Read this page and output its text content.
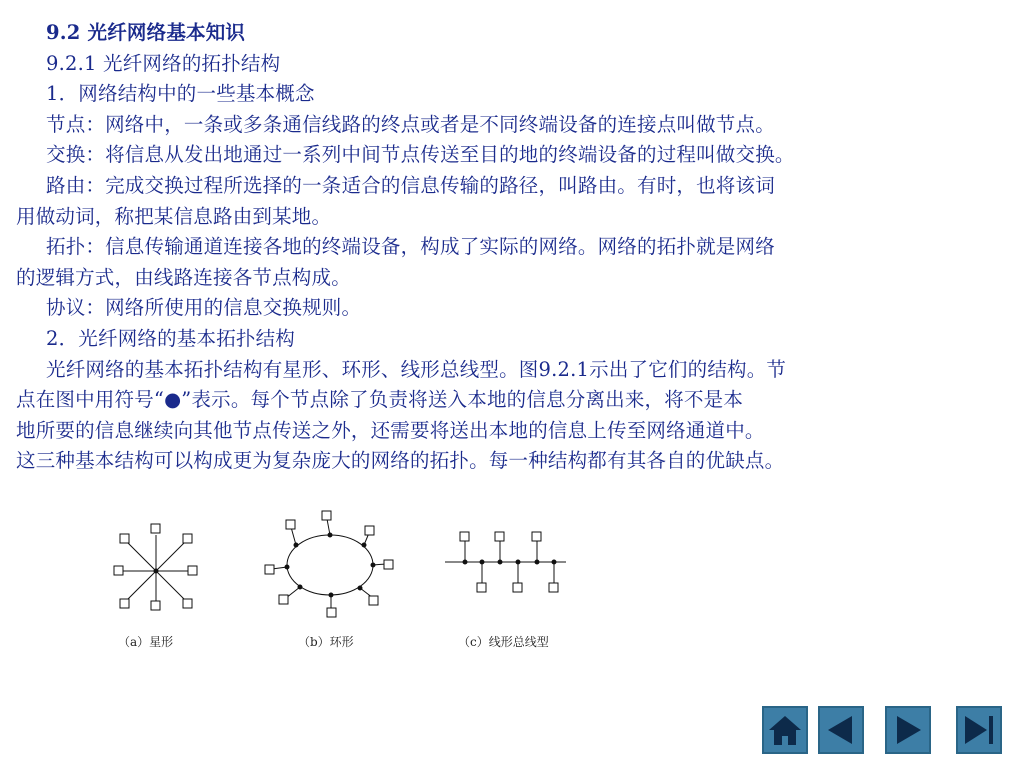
9.2 光纤网络基本知识
9.2.1 光纤网络的拓扑结构
1．网络结构中的一些基本概念
节点：网络中，一条或多条通信线路的终点或者是不同终端设备的连接点叫做节点。
交换：将信息从发出地通过一系列中间节点传送至目的地的终端设备的过程叫做交换。
路由：完成交换过程所选择的一条适合的信息传输的路径，叫路由。有时，也将该词
用做动词，称把某信息路由到某地。
拓扑：信息传输通道连接各地的终端设备，构成了实际的网络。网络的拓扑就是网络
的逻辑方式，由线路连接各节点构成。
协议：网络所使用的信息交换规则。
2．光纤网络的基本拓扑结构
光纤网络的基本拓扑结构有星形、环形、线形总线型。图9.2.1示出了它们的结构。节
点在图中用符号“●”表示。每个节点除了负责将送入本地的信息分离出来，将不是本
地所要的信息继续向其他节点传送之外，还需要将送出本地的信息上传至网络通道中。
这三种基本结构可以构成更为复杂庞大的网络的拓扑。每一种结构都有其各自的优缺点。
（a）星形	（b）环形	（c）线形总线型
